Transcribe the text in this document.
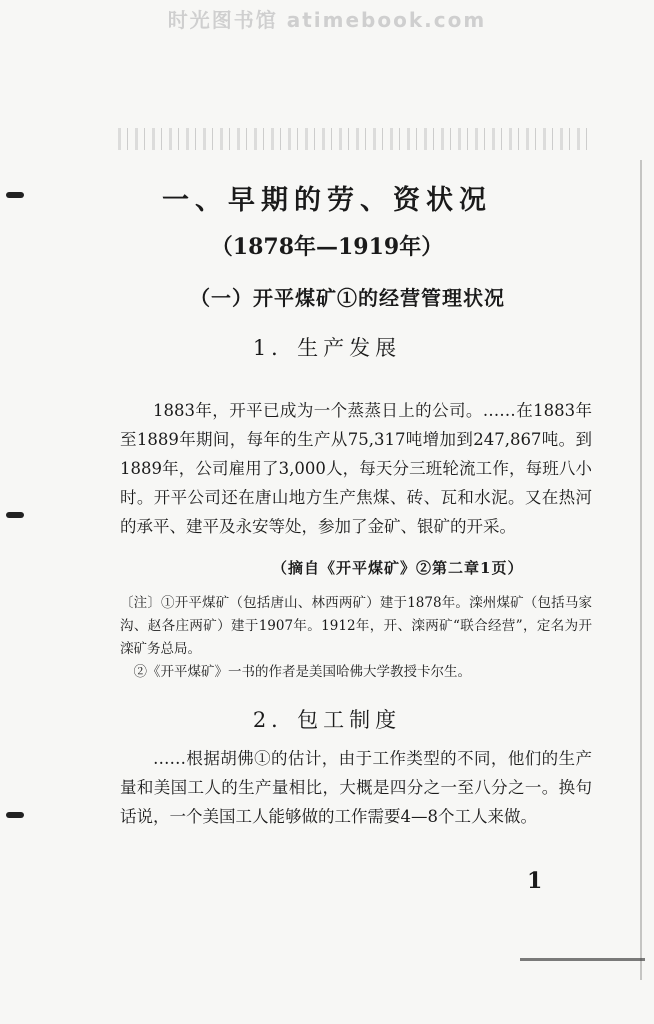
时光图书馆 atimebook.com
一、早期的劳、资状况
（1878年—1919年）
（一）开平煤矿①的经营管理状况
1．生产发展

1883年，开平已成为一个蒸蒸日上的公司。……在1883年至1889年期间，每年的生产从75,317吨增加到247,867吨。到1889年，公司雇用了3,000人，每天分三班轮流工作，每班八小时。开平公司还在唐山地方生产焦煤、砖、瓦和水泥。又在热河的承平、建平及永安等处，参加了金矿、银矿的开采。

（摘自《开平煤矿》②第二章1页）

〔注〕①开平煤矿（包括唐山、林西两矿）建于1878年。滦州煤矿（包括马家沟、赵各庄两矿）建于1907年。1912年，开、滦两矿“联合经营”，定名为开滦矿务总局。

②《开平煤矿》一书的作者是美国哈佛大学教授卡尔生。

2．包工制度

……根据胡佛①的估计，由于工作类型的不同，他们的生产量和美国工人的生产量相比，大概是四分之一至八分之一。换句话说，一个美国工人能够做的工作需要4—8个工人来做。

1
